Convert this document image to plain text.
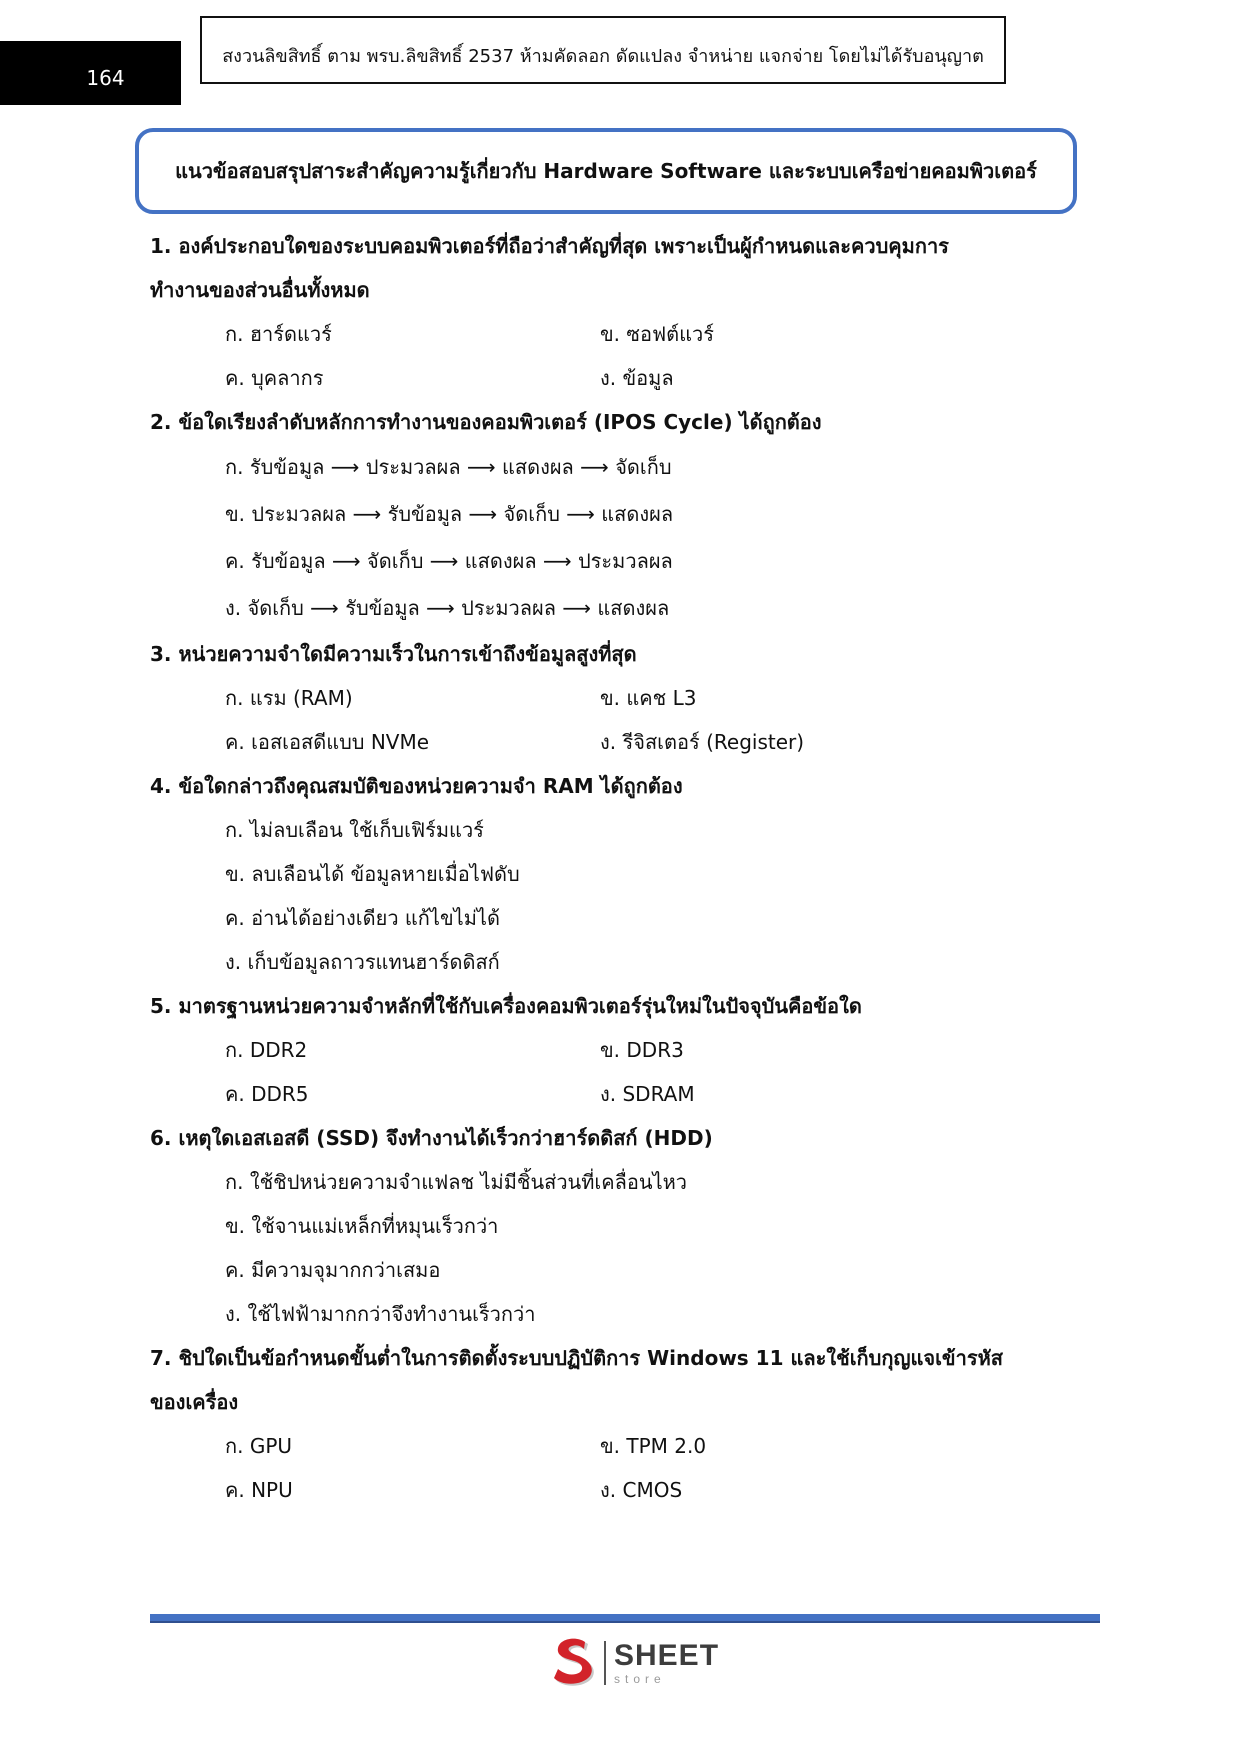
164
สงวนลิขสิทธิ์ ตาม พรบ.ลิขสิทธิ์ 2537 ห้ามคัดลอก ดัดแปลง จำหน่าย แจกจ่าย โดยไม่ได้รับอนุญาต
แนวข้อสอบสรุปสาระสำคัญความรู้เกี่ยวกับ Hardware Software และระบบเครือข่ายคอมพิวเตอร์

1. องค์ประกอบใดของระบบคอมพิวเตอร์ที่ถือว่าสำคัญที่สุด เพราะเป็นผู้กำหนดและควบคุมการ

ทำงานของส่วนอื่นทั้งหมด

ก. ฮาร์ดแวร์	ข. ซอฟต์แวร์

ค. บุคลากร	ง. ข้อมูล

2. ข้อใดเรียงลำดับหลักการทำงานของคอมพิวเตอร์ (IPOS Cycle) ได้ถูกต้อง

ก. รับข้อมูล ⟶ ประมวลผล ⟶ แสดงผล ⟶ จัดเก็บ

ข. ประมวลผล ⟶ รับข้อมูล ⟶ จัดเก็บ ⟶ แสดงผล

ค. รับข้อมูล ⟶ จัดเก็บ ⟶ แสดงผล ⟶ ประมวลผล

ง. จัดเก็บ ⟶ รับข้อมูล ⟶ ประมวลผล ⟶ แสดงผล

3. หน่วยความจำใดมีความเร็วในการเข้าถึงข้อมูลสูงที่สุด

ก. แรม (RAM)	ข. แคช L3

ค. เอสเอสดีแบบ NVMe	ง. รีจิสเตอร์ (Register)

4. ข้อใดกล่าวถึงคุณสมบัติของหน่วยความจำ RAM ได้ถูกต้อง

ก. ไม่ลบเลือน ใช้เก็บเฟิร์มแวร์

ข. ลบเลือนได้ ข้อมูลหายเมื่อไฟดับ

ค. อ่านได้อย่างเดียว แก้ไขไม่ได้

ง. เก็บข้อมูลถาวรแทนฮาร์ดดิสก์

5. มาตรฐานหน่วยความจำหลักที่ใช้กับเครื่องคอมพิวเตอร์รุ่นใหม่ในปัจจุบันคือข้อใด

ก. DDR2	ข. DDR3

ค. DDR5	ง. SDRAM

6. เหตุใดเอสเอสดี (SSD) จึงทำงานได้เร็วกว่าฮาร์ดดิสก์ (HDD)

ก. ใช้ชิปหน่วยความจำแฟลช ไม่มีชิ้นส่วนที่เคลื่อนไหว

ข. ใช้จานแม่เหล็กที่หมุนเร็วกว่า

ค. มีความจุมากกว่าเสมอ

ง. ใช้ไฟฟ้ามากกว่าจึงทำงานเร็วกว่า

7. ชิปใดเป็นข้อกำหนดขั้นต่ำในการติดตั้งระบบปฏิบัติการ Windows 11 และใช้เก็บกุญแจเข้ารหัส

ของเครื่อง

ก. GPU	ข. TPM 2.0

ค. NPU	ง. CMOS

SHEET
store
